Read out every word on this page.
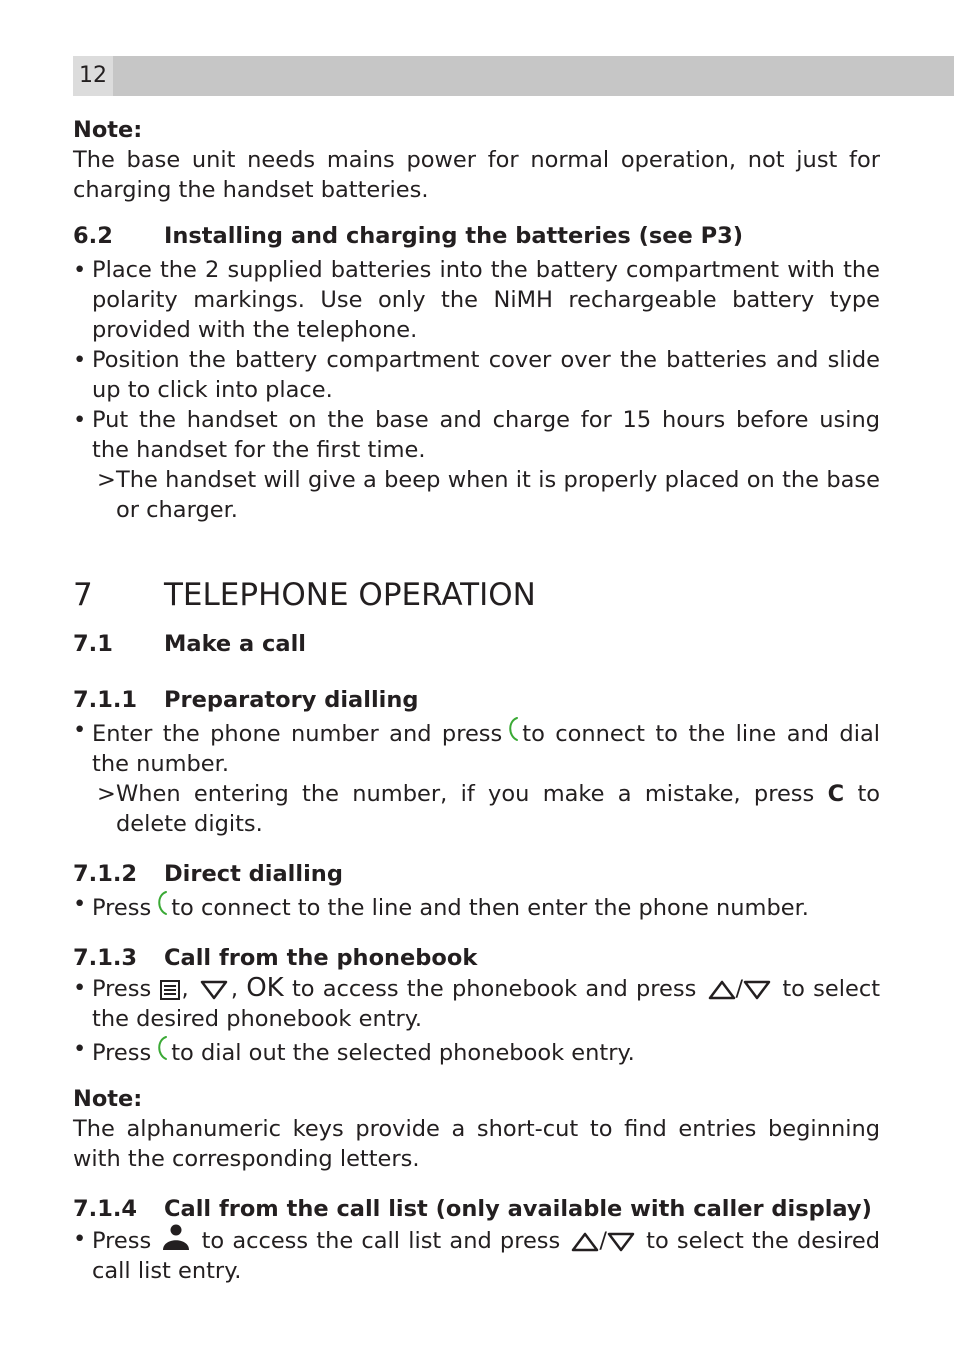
12
Note:
The base unit needs mains power for normal operation, not just for charging the handset batteries.
6.2	Installing and charging the batteries (see P3)
• Place the 2 supplied batteries into the battery compartment with the polarity markings. Use only the NiMH rechargeable battery type provided with the telephone.
• Position the battery compartment cover over the batteries and slide up to click into place.
• Put the handset on the base and charge for 15 hours before using the handset for the first time.
> The handset will give a beep when it is properly placed on the base or charger.
7	TELEPHONE OPERATION
7.1	Make a call
7.1.1	Preparatory dialling
• Enter the phone number and press to connect to the line and dial the number.
> When entering the number, if you make a mistake, press C to delete digits.
7.1.2	Direct dialling
• Press to connect to the line and then enter the phone number.
7.1.3	Call from the phonebook
• Press , , OK to access the phonebook and press / to select the desired phonebook entry.
• Press to dial out the selected phonebook entry.
Note:
The alphanumeric keys provide a short-cut to find entries beginning with the corresponding letters.
7.1.4	Call from the call list (only available with caller display)
• Press to access the call list and press / to select the desired call list entry.
